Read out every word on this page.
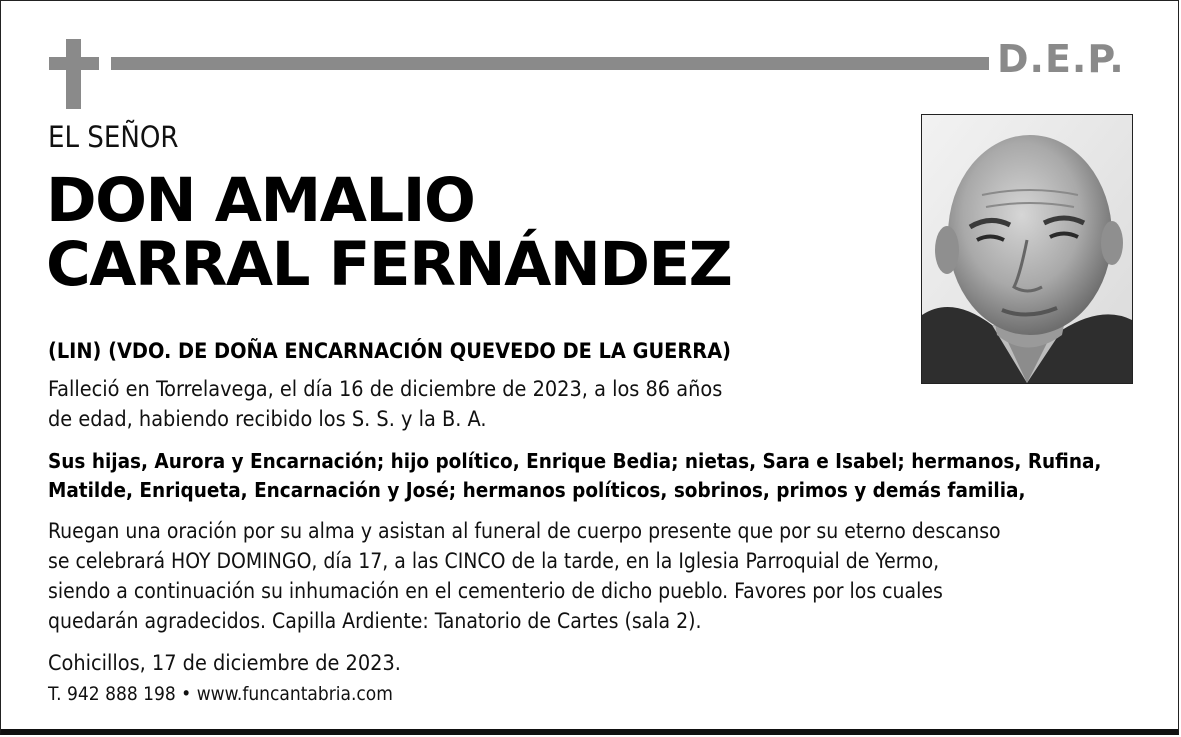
D.E.P.
EL SEÑOR
DON AMALIO
CARRAL FERNÁNDEZ
(LIN) (VDO. DE DOÑA ENCARNACIÓN QUEVEDO DE LA GUERRA)
Falleció en Torrelavega, el día 16 de diciembre de 2023, a los 86 años
de edad, habiendo recibido los S. S. y la B. A.
Sus hijas, Aurora y Encarnación; hijo político, Enrique Bedia; nietas, Sara e Isabel; hermanos, Rufina,
Matilde, Enriqueta, Encarnación y José; hermanos políticos, sobrinos, primos y demás familia,
Ruegan una oración por su alma y asistan al funeral de cuerpo presente que por su eterno descanso
se celebrará HOY DOMINGO, día 17, a las CINCO de la tarde, en la Iglesia Parroquial de Yermo,
siendo a continuación su inhumación en el cementerio de dicho pueblo. Favores por los cuales
quedarán agradecidos. Capilla Ardiente: Tanatorio de Cartes (sala 2).
Cohicillos, 17 de diciembre de 2023.
T. 942 888 198 • www.funcantabria.com
